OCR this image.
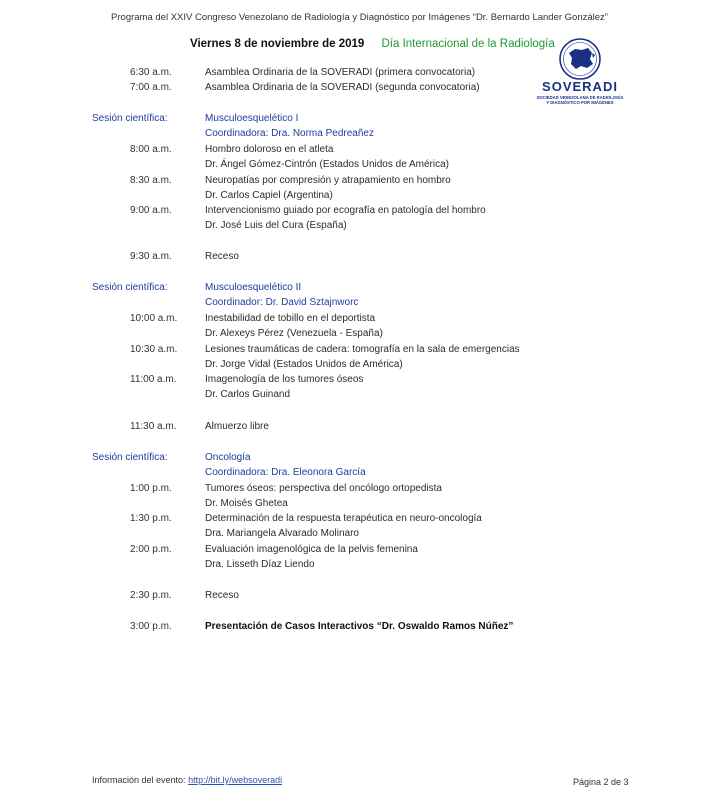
Programa del XXIV Congreso Venezolano de Radiología y Diagnóstico por Imágenes “Dr. Bernardo Lander González”
Viernes 8 de noviembre de 2019 Día Internacional de la Radiología
SOVERADI
SOCIEDAD VENEZOLANA DE RADIOLOGÍA
Y DIAGNÓSTICO POR IMÁGENES
6:30 a.m.	Asamblea Ordinaria de la SOVERADI (primera convocatoria)
7:00 a.m.	Asamblea Ordinaria de la SOVERADI (segunda convocatoria)
Sesión científica:	Musculoesquelético I
Coordinadora: Dra. Norma Pedreañez
8:00 a.m.	Hombro doloroso en el atleta
Dr. Ángel Gómez-Cintrón (Estados Unidos de América)
8:30 a.m.	Neuropatías por compresión y atrapamiento en hombro
Dr. Carlos Capiel (Argentina)
9:00 a.m.	Intervencionismo guiado por ecografía en patología del hombro
Dr. José Luis del Cura (España)
9:30 a.m.	Receso
Sesión científica:	Musculoesquelético II
Coordinador: Dr. David Sztajnworc
10:00 a.m.	Inestabilidad de tobillo en el deportista
Dr. Alexeys Pérez (Venezuela - España)
10:30 a.m.	Lesiones traumáticas de cadera: tomografía en la sala de emergencias
Dr. Jorge Vidal (Estados Unidos de América)
11:00 a.m.	Imagenología de los tumores óseos
Dr. Carlos Guinand
11:30 a.m.	Almuerzo libre
Sesión científica:	Oncología
Coordinadora: Dra. Eleonora García
1:00 p.m.	Tumores óseos: perspectiva del oncólogo ortopedista
Dr. Moisés Ghetea
1:30 p.m.	Determinación de la respuesta terapéutica en neuro-oncología
Dra. Mariangela Alvarado Molinaro
2:00 p.m.	Evaluación imagenológica de la pelvis femenina
Dra. Lisseth Díaz Liendo
2:30 p.m.	Receso
3:00 p.m.	Presentación de Casos Interactivos “Dr. Oswaldo Ramos Núñez”
Información del evento: http://bit.ly/websoveradi	Página 2 de 3
